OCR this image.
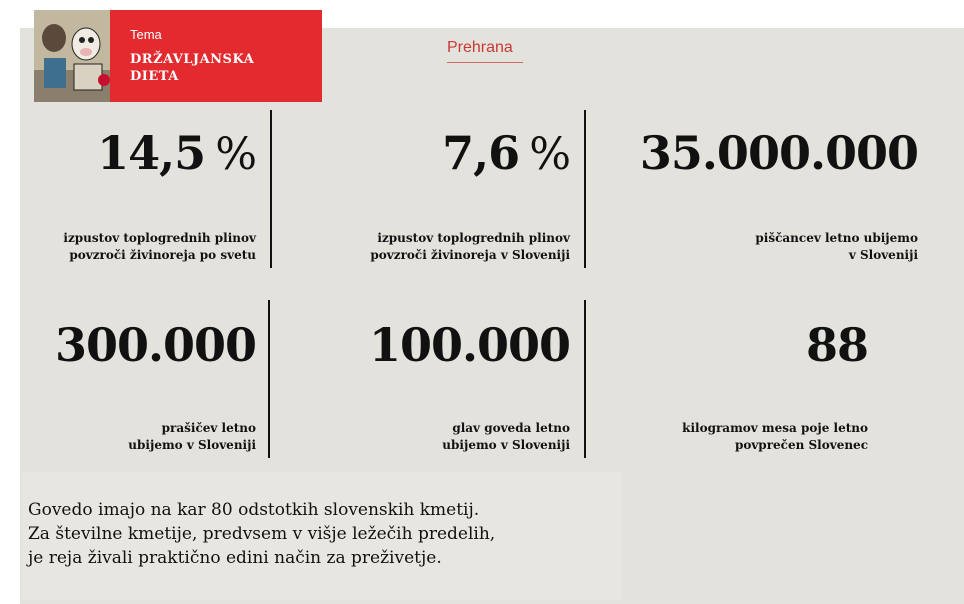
Tema
DRŽAVLJANSKA
DIETA
Prehrana
14,5 %
izpustov toplogrednih plinov
povzroči živinoreja po svetu
7,6 %
izpustov toplogrednih plinov
povzroči živinoreja v Sloveniji
35.000.000
piščancev letno ubijemo
v Sloveniji
300.000
prašičev letno
ubijemo v Sloveniji
100.000
glav goveda letno
ubijemo v Sloveniji
88
kilogramov mesa poje letno
povprečen Slovenec
Govedo imajo na kar 80 odstotkih slovenskih kmetij.
Za številne kmetije, predvsem v višje ležečih predelih,
je reja živali praktično edini način za preživetje.
